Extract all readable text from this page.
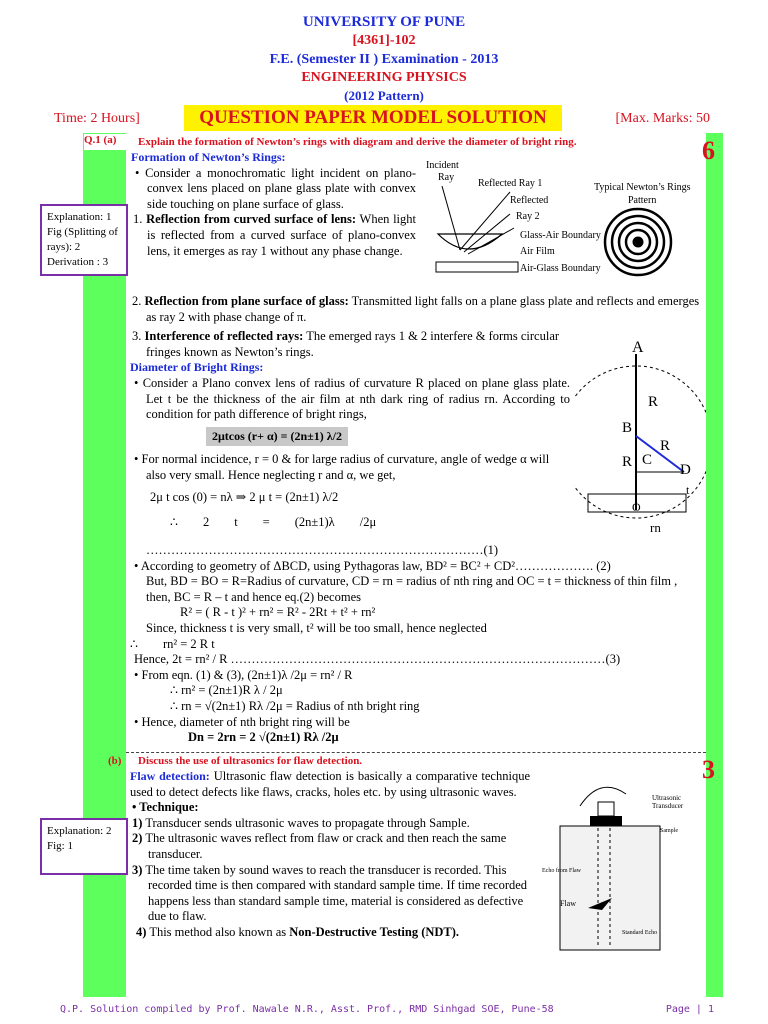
UNIVERSITY OF PUNE
[4361]-102
F.E. (Semester II ) Examination - 2013
ENGINEERING PHYSICS
(2012 Pattern)
Time: 2 Hours]	QUESTION PAPER MODEL SOLUTION	[Max. Marks: 50
Q.1 (a)	Explain the formation of Newton’s rings with diagram and derive the diameter of bright ring.	6
Explanation: 1
Fig (Splitting of
rays): 2
Derivation : 3

Formation of Newton’s Rings:

• Consider a monochromatic light incident on plano-convex lens placed on plane glass plate with convex side touching on plane surface of glass.

1. Reflection from curved surface of lens: When light is reflected from a curved surface of plano-convex lens, it emerges as ray 1 without any phase change.

2. Reflection from plane surface of glass: Transmitted light falls on a plane glass plate and reflects and emerges as ray 2 with phase change of π.

3. Interference of reflected rays: The emerged rays 1 & 2 interfere & forms circular fringes known as Newton’s rings.

Diameter of Bright Rings:

• Consider a Plano convex lens of radius of curvature R placed on plane glass plate. Let t be the thickness of the air film at nth dark ring of radius rn. According to condition for path difference of bright rings,

2μtcos (r+ α) = (2n±1) λ/2

• For normal incidence, r = 0 & for large radius of curvature, angle of wedge α will also very small. Hence neglecting r and α, we get,

2μ t cos (0) = nλ ⇒ 2 μ t = (2n±1) λ/2

∴        2        t        =        (2n±1)λ        /2μ

………………………………………………………………………(1)

• According to geometry of ΔBCD, using Pythagoras law, BD² = BC² + CD²………………. (2)

But, BD = BO = R=Radius of curvature, CD = rn = radius of nth ring and OC = t = thickness of thin film , then, BC = R – t and hence eq.(2) becomes

R² = ( R - t )² + rn² = R² - 2Rt + t² + rn²

Since, thickness t is very small, t² will be too small, hence neglected

∴        rn² = 2 R t

Hence, 2t = rn² / R ………………………………………………………………………………(3)

• From eqn. (1) & (3), (2n±1)λ /2μ = rn² / R

∴ rn² = (2n±1)R λ / 2μ

∴ rn = √(2n±1) Rλ /2μ = Radius of nth bright ring

• Hence, diameter of nth bright ring will be

Dn = 2rn = 2 √(2n±1) Rλ /2μ

Incident
Ray
Reflected Ray 1
Reflected
Ray 2
Glass-Air Boundary
Air Film
Air-Glass Boundary
Typical Newton’s Rings
Pattern
A
R
B
R
R C
D
t
O
rn
(b) Discuss the use of ultrasonics for flaw detection.	3
Explanation: 2
Fig: 1

Flaw detection: Ultrasonic flaw detection is basically a comparative technique used to detect defects like flaws, cracks, holes etc. by using ultrasonic waves.

• Technique:

1) Transducer sends ultrasonic waves to propagate through Sample.

2) The ultrasonic waves reflect from flaw or crack and then reach the same transducer.

3) The time taken by sound waves to reach the transducer is recorded. This recorded time is then compared with standard sample time. If time recorded happens less than standard sample time, material is considered as defective due to flaw.

4) This method also known as Non-Destructive Testing (NDT).

Ultrasonic
Transducer
Sample
Echo from Flaw
Flaw
Standard Echo
Q.P. Solution compiled by Prof. Nawale N.R., Asst. Prof., RMD Sinhgad SOE, Pune-58	Page | 1
